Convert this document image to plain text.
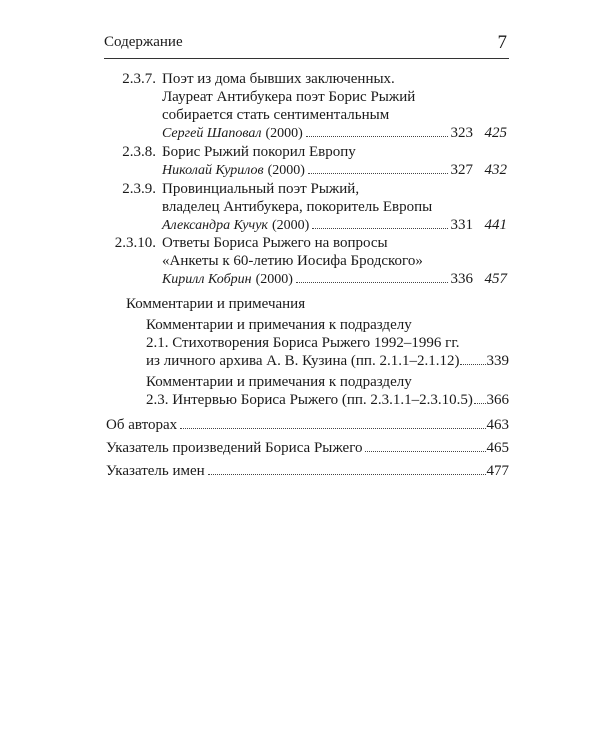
Содержание	7
2.3.7. Поэт из дома бывших заключенных.
Лауреат Антибукера поэт Борис Рыжий
собирается стать сентиментальным
Сергей Шаповал (2000)	323 425
2.3.8. Борис Рыжий покорил Европу
Николай Курилов (2000)	327 432
2.3.9. Провинциальный поэт Рыжий,
владелец Антибукера, покоритель Европы
Александра Кучук (2000)	331 441
2.3.10. Ответы Бориса Рыжего на вопросы
«Анкеты к 60-летию Иосифа Бродского»
Кирилл Кобрин (2000)	336 457
Комментарии и примечания
Комментарии и примечания к подразделу
2.1. Стихотворения Бориса Рыжего 1992–1996 гг.
из личного архива А. В. Кузина (пп. 2.1.1–2.1.12) 339
Комментарии и примечания к подразделу
2.3. Интервью Бориса Рыжего (пп. 2.3.1.1–2.3.10.5) 366
Об авторах	463
Указатель произведений Бориса Рыжего	465
Указатель имен	477
